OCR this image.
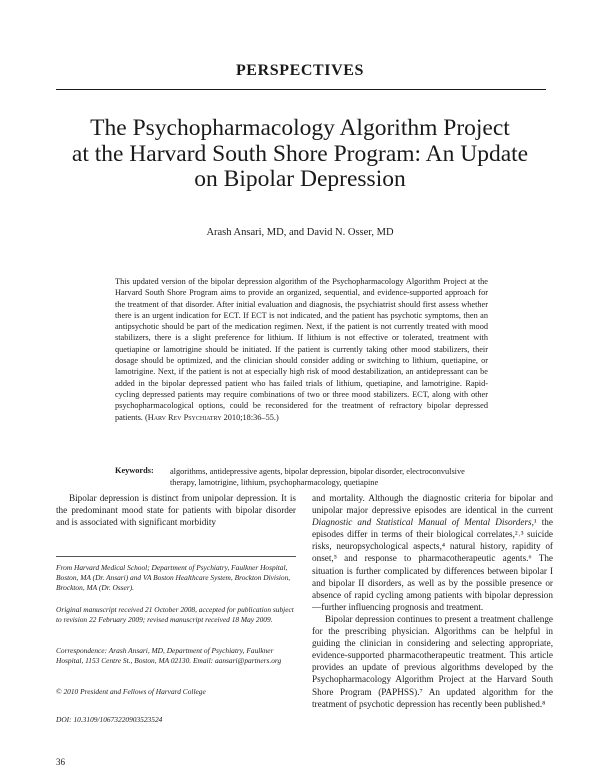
PERSPECTIVES
The Psychopharmacology Algorithm Project
at the Harvard South Shore Program: An Update
on Bipolar Depression
Arash Ansari, MD, and David N. Osser, MD
This updated version of the bipolar depression algorithm of the Psychopharmacology Algorithm Project at the Harvard South Shore Program aims to provide an organized, sequential, and evidence-supported approach for the treatment of that disorder. After initial evaluation and diagnosis, the psychiatrist should first assess whether there is an urgent indication for ECT. If ECT is not indicated, and the patient has psychotic symptoms, then an antipsychotic should be part of the medication regimen. Next, if the patient is not currently treated with mood stabilizers, there is a slight preference for lithium. If lithium is not effective or tolerated, treatment with quetiapine or lamotrigine should be initiated. If the patient is currently taking other mood stabilizers, their dosage should be optimized, and the clinician should consider adding or switching to lithium, quetiapine, or lamotrigine. Next, if the patient is not at especially high risk of mood destabilization, an antidepressant can be added in the bipolar depressed patient who has failed trials of lithium, quetiapine, and lamotrigine. Rapid-cycling depressed patients may require combinations of two or three mood stabilizers. ECT, along with other psychopharmacological options, could be reconsidered for the treatment of refractory bipolar depressed patients. (Harv Rev Psychiatry 2010;18:36–55.)
Keywords: algorithms, antidepressive agents, bipolar depression, bipolar disorder, electroconvulsive therapy, lamotrigine, lithium, psychopharmacology, quetiapine

Bipolar depression is distinct from unipolar depression. It is the predominant mood state for patients with bipolar disorder and is associated with significant morbidity

and mortality. Although the diagnostic criteria for bipolar and unipolar major depressive episodes are identical in the current Diagnostic and Statistical Manual of Mental Disorders,¹ the episodes differ in terms of their biological correlates,²˒³ suicide risks, neuropsychological aspects,⁴ natural history, rapidity of onset,⁵ and response to pharmacotherapeutic agents.⁶ The situation is further complicated by differences between bipolar I and bipolar II disorders, as well as by the possible presence or absence of rapid cycling among patients with bipolar depression—further influencing prognosis and treatment.

Bipolar depression continues to present a treatment challenge for the prescribing physician. Algorithms can be helpful in guiding the clinician in considering and selecting appropriate, evidence-supported pharmacotherapeutic treatment. This article provides an update of previous algorithms developed by the Psychopharmacology Algorithm Project at the Harvard South Shore Program (PAPHSS).⁷ An updated algorithm for the treatment of psychotic depression has recently been published.⁸

From Harvard Medical School; Department of Psychiatry, Faulkner Hospital, Boston, MA (Dr. Ansari) and VA Boston Healthcare System, Brockton Division, Brockton, MA (Dr. Osser).
Original manuscript received 21 October 2008, accepted for publication subject to revision 22 February 2009; revised manuscript received 18 May 2009.
Correspondence: Arash Ansari, MD, Department of Psychiatry, Faulkner Hospital, 1153 Centre St., Boston, MA 02130. Email: aansari@partners.org
© 2010 President and Fellows of Harvard College
DOI: 10.3109/10673220903523524
36
